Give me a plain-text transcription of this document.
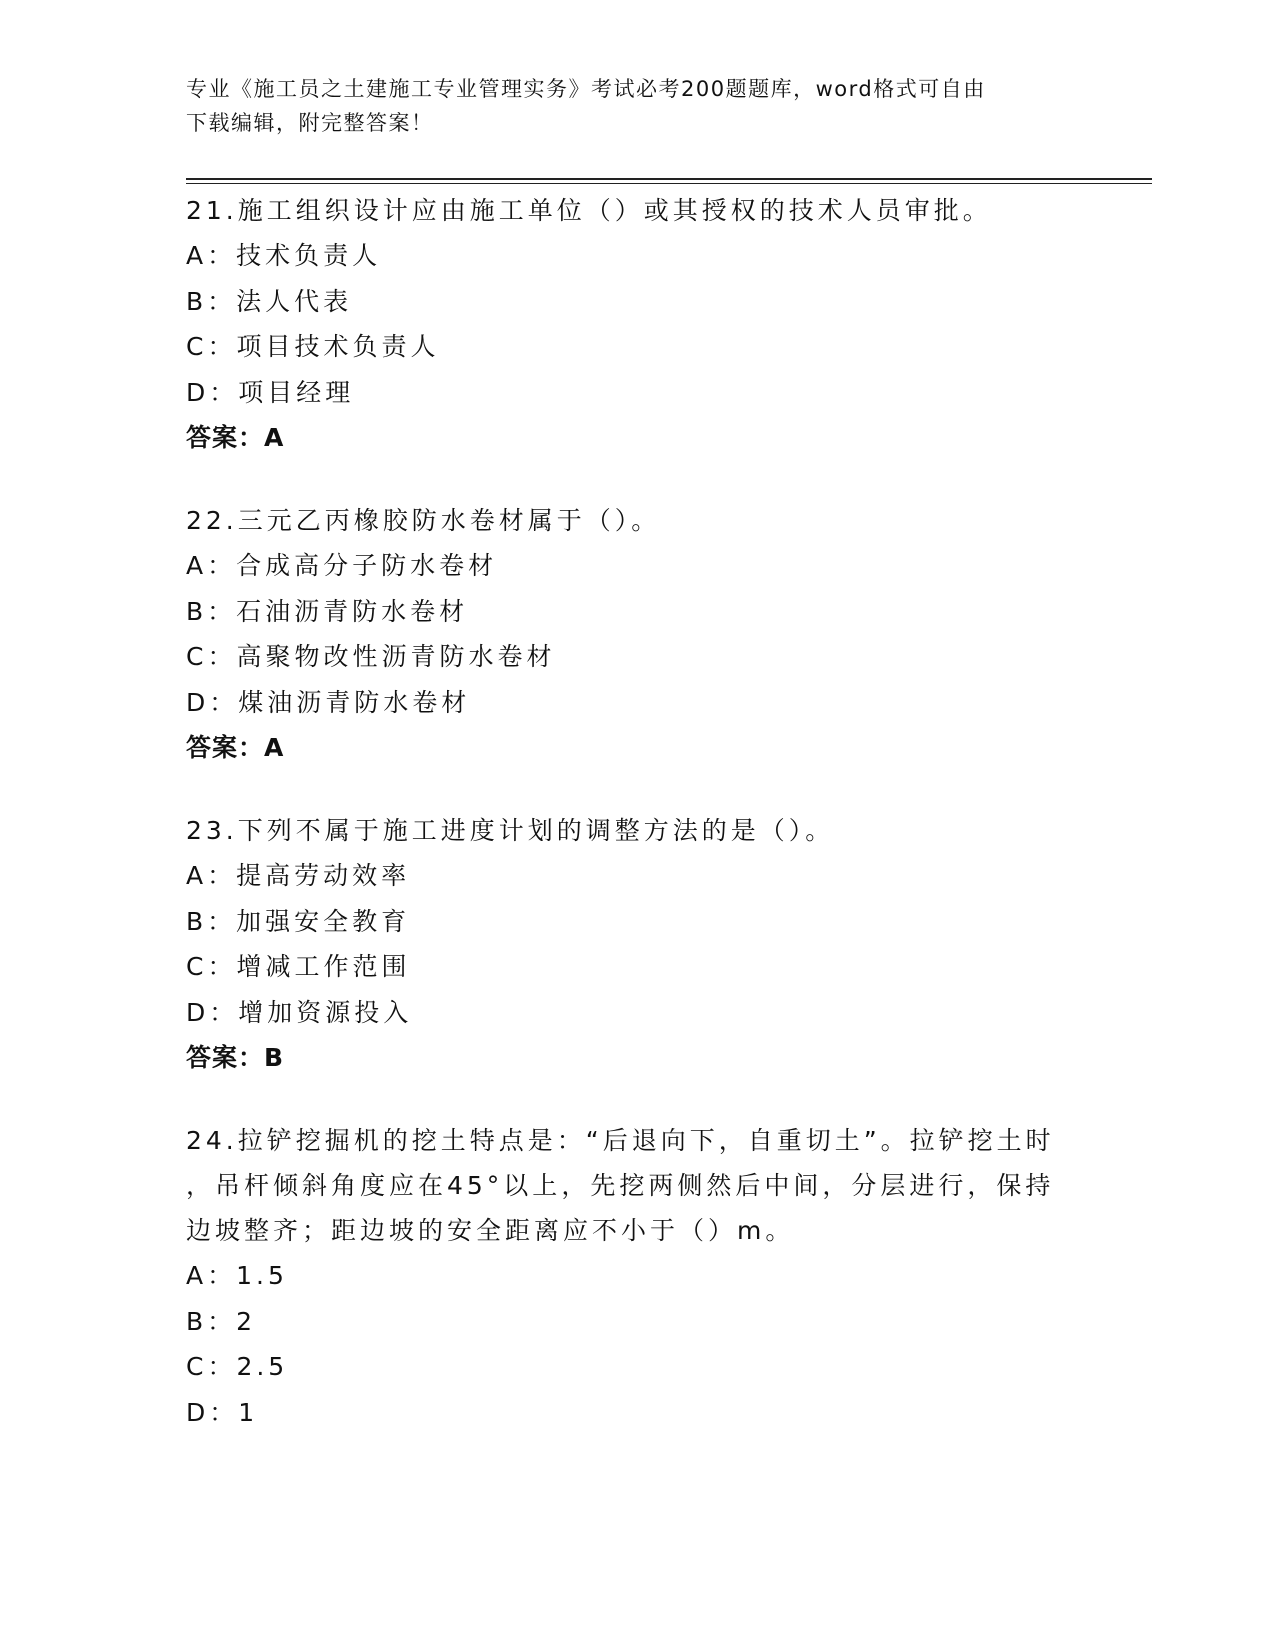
专业《施工员之土建施工专业管理实务》考试必考200题题库，word格式可自由
下载编辑，附完整答案！
21.施工组织设计应由施工单位（）或其授权的技术人员审批。
A：技术负责人
B：法人代表
C：项目技术负责人
D：项目经理
答案：A
22.三元乙丙橡胶防水卷材属于（）。
A：合成高分子防水卷材
B：石油沥青防水卷材
C：高聚物改性沥青防水卷材
D：煤油沥青防水卷材
答案：A
23.下列不属于施工进度计划的调整方法的是（）。
A：提高劳动效率
B：加强安全教育
C：增减工作范围
D：增加资源投入
答案：B
24.拉铲挖掘机的挖土特点是：“后退向下，自重切土”。拉铲挖土时
，吊杆倾斜角度应在45°以上，先挖两侧然后中间，分层进行，保持
边坡整齐；距边坡的安全距离应不小于（）m。
A：1.5
B：2
C：2.5
D：1
